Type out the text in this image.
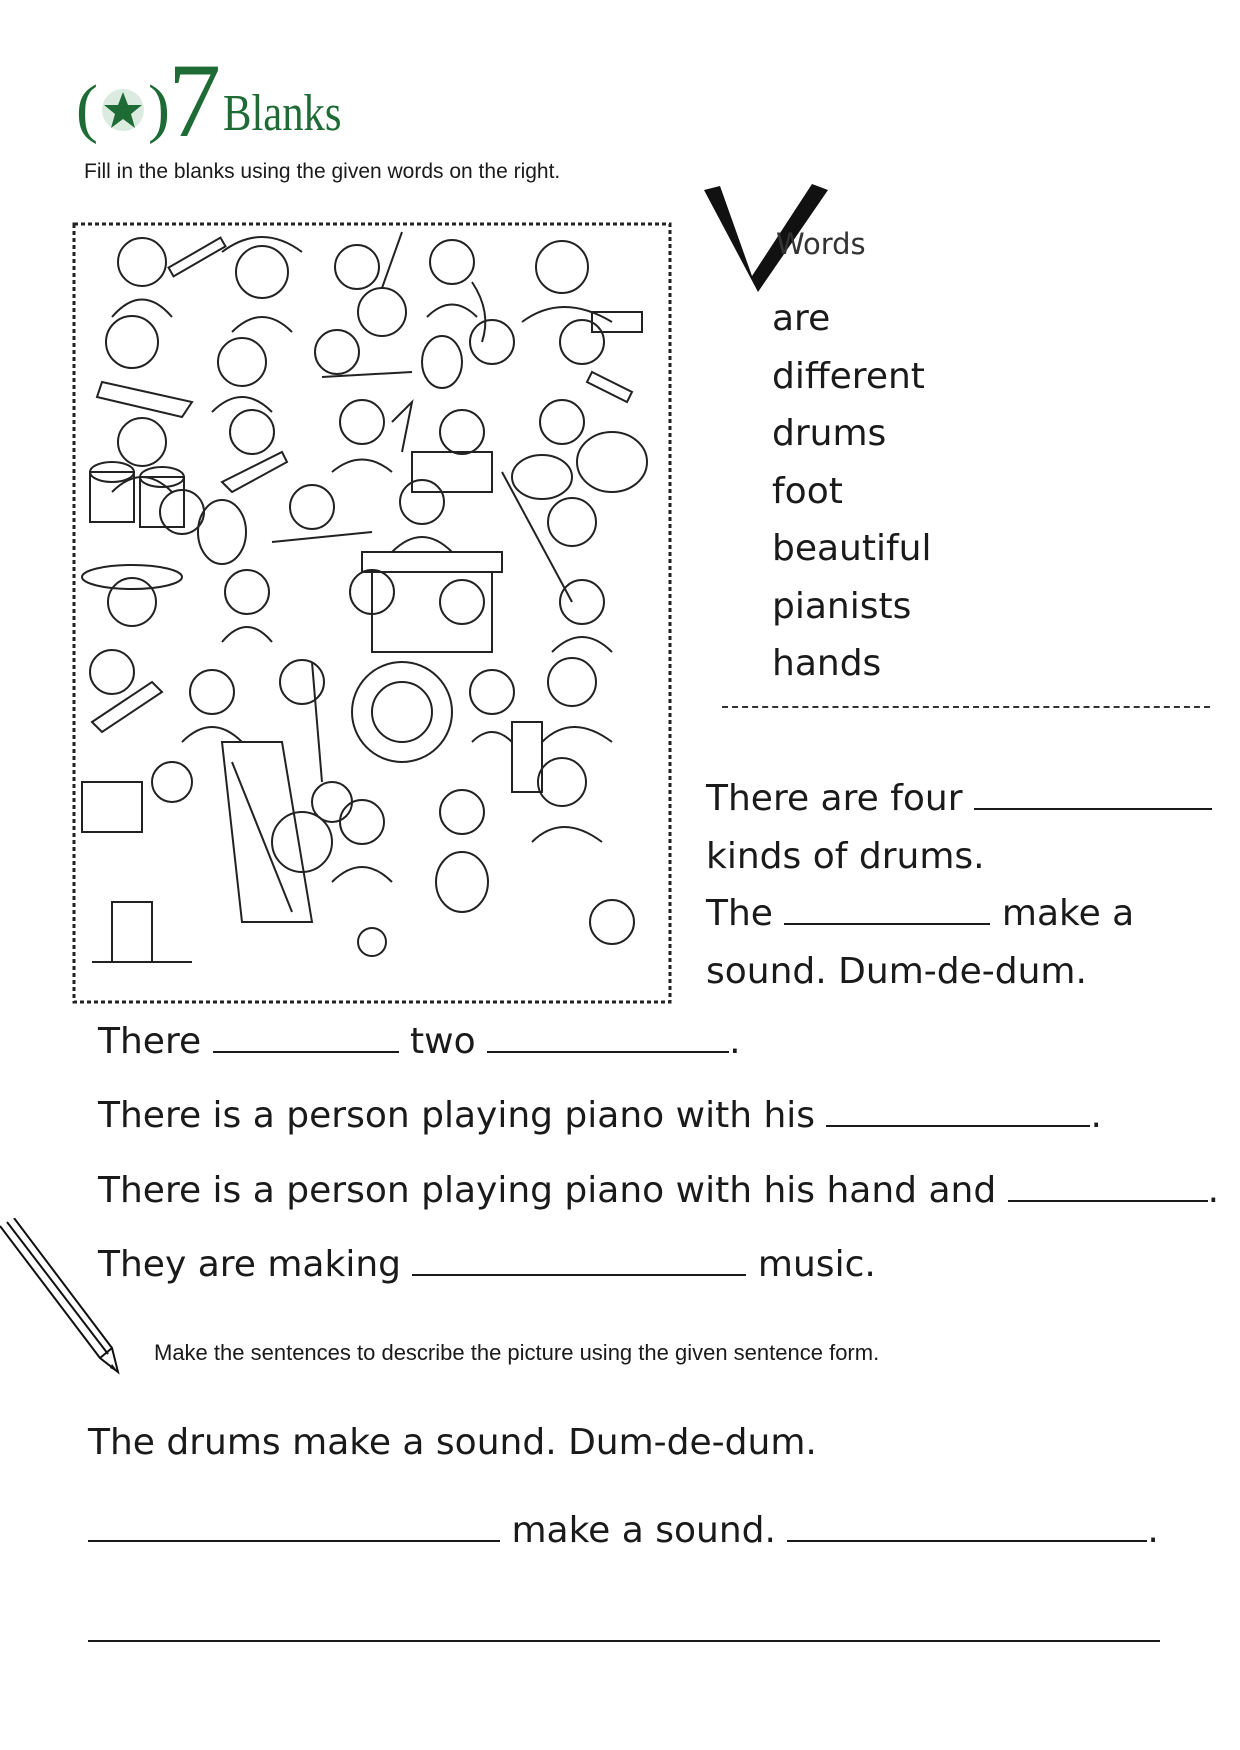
( )
7 Blanks
Fill in the blanks using the given words on the right.
Words
are
different
drums
foot
beautiful
pianists
hands
There are four
kinds of drums.
The	make a
sound. Dum-de-dum.
There	two	.
There is a person playing piano with his	.
There is a person playing piano with his hand and	.
They are making	music.
Make the sentences to describe the picture using the given sentence form.
The drums make a sound. Dum-de-dum.
make a sound.	.
